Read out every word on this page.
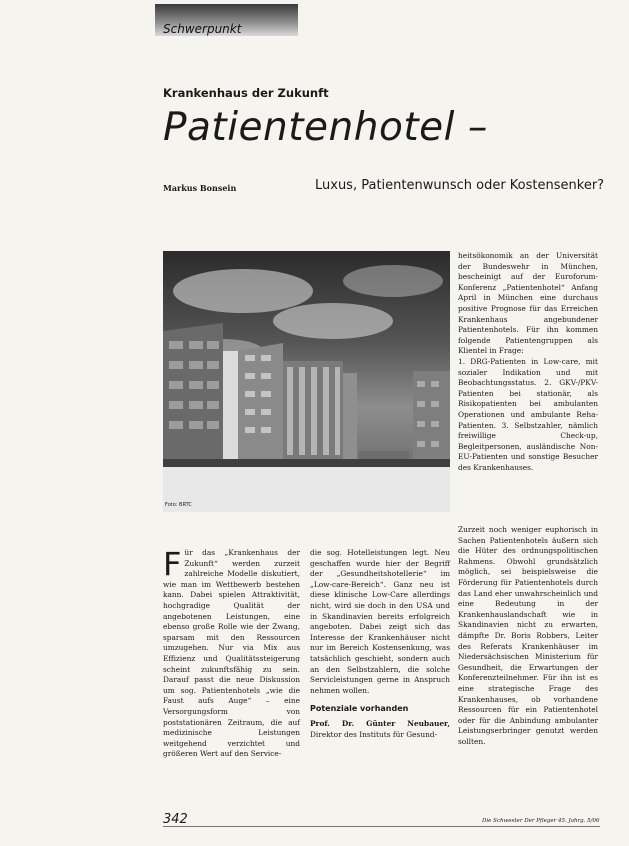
Schwerpunkt
Krankenhaus der Zukunft
Patientenhotel –
Markus Bonsein	Luxus, Patientenwunsch oder Kostensenker?
Foto: BRTC

Für das „Krankenhaus der Zukunft“ werden zurzeit zahlreiche Modelle diskutiert, wie man im Wettbewerb bestehen kann. Dabei spielen Attraktivität, hochgradige Qualität der angebotenen Leistungen, eine ebenso große Rolle wie der Zwang, sparsam mit den Ressourcen umzugehen. Nur via Mix aus Effizienz und Qualitätssteigerung scheint zukunftsfähig zu sein. Darauf passt die neue Diskussion um sog. Patientenhotels „wie die Faust aufs Auge“ – eine Versorgungsform von poststationären Zeitraum, die auf medizinische Leistungen weitgehend verzichtet und größeren Wert auf den Service-

die sog. Hotelleistungen legt. Neu geschaffen wurde hier der Begriff der „Gesundheitshotellerie“ im „Low-care-Bereich“. Ganz neu ist diese klinische Low-Care allerdings nicht, wird sie doch in den USA und in Skandinavien bereits erfolgreich angeboten. Dabei zeigt sich das Interesse der Krankenhäuser nicht nur im Bereich Kostensenkung, was tatsächlich geschieht, sondern auch an den Selbstzahlern, die solche Servicleistungen gerne in Anspruch nehmen wollen.

Potenziale vorhanden

Prof. Dr. Günter Neubauer, Direktor des Instituts für Gesund-

heitsökonomik an der Universität der Bundeswehr in München, bescheinigt auf der Euroforum-Konferenz „Patientenhotel“ Anfang April in München eine durchaus positive Prognose für das Erreichen Krankenhaus angebundener Patientenhotels. Für ihn kommen folgende Patientengruppen als Klientel in Frage:

1. DRG-Patienten in Low-care, mit sozialer Indikation und mit Beobachtungsstatus. 2. GKV-/PKV-Patienten bei stationär, als Risikopatienten bei ambulanten Operationen und ambulante Reha-Patienten. 3. Selbstzahler, nämlich freiwillige Check-up, Begleitpersonen, ausländische Non-EU-Patienten und sonstige Besucher des Krankenhauses.

Zurzeit noch weniger euphorisch in Sachen Patientenhotels äußern sich die Hüter des ordnungspolitischen Rahmens. Obwohl grundsätzlich möglich, sei beispielsweise die Förderung für Patientenhotels durch das Land eher unwahrscheinlich und eine Bedeutung in der Krankenhauslandschaft wie in Skandinavien nicht zu erwarten, dämpfte Dr. Boris Robbers, Leiter des Referats Krankenhäuser im Niedersächsischen Ministerium für Gesundheit, die Erwartungen der Konferenzteilnehmer. Für ihn ist es eine strategische Frage des Krankenhauses, ob vorhandene Ressourcen für ein Patientenhotel oder für die Anbindung ambulanter Leistungserbringer genutzt werden sollten.

342	Die Schwester Der Pfleger 45. Jahrg. 5/06
